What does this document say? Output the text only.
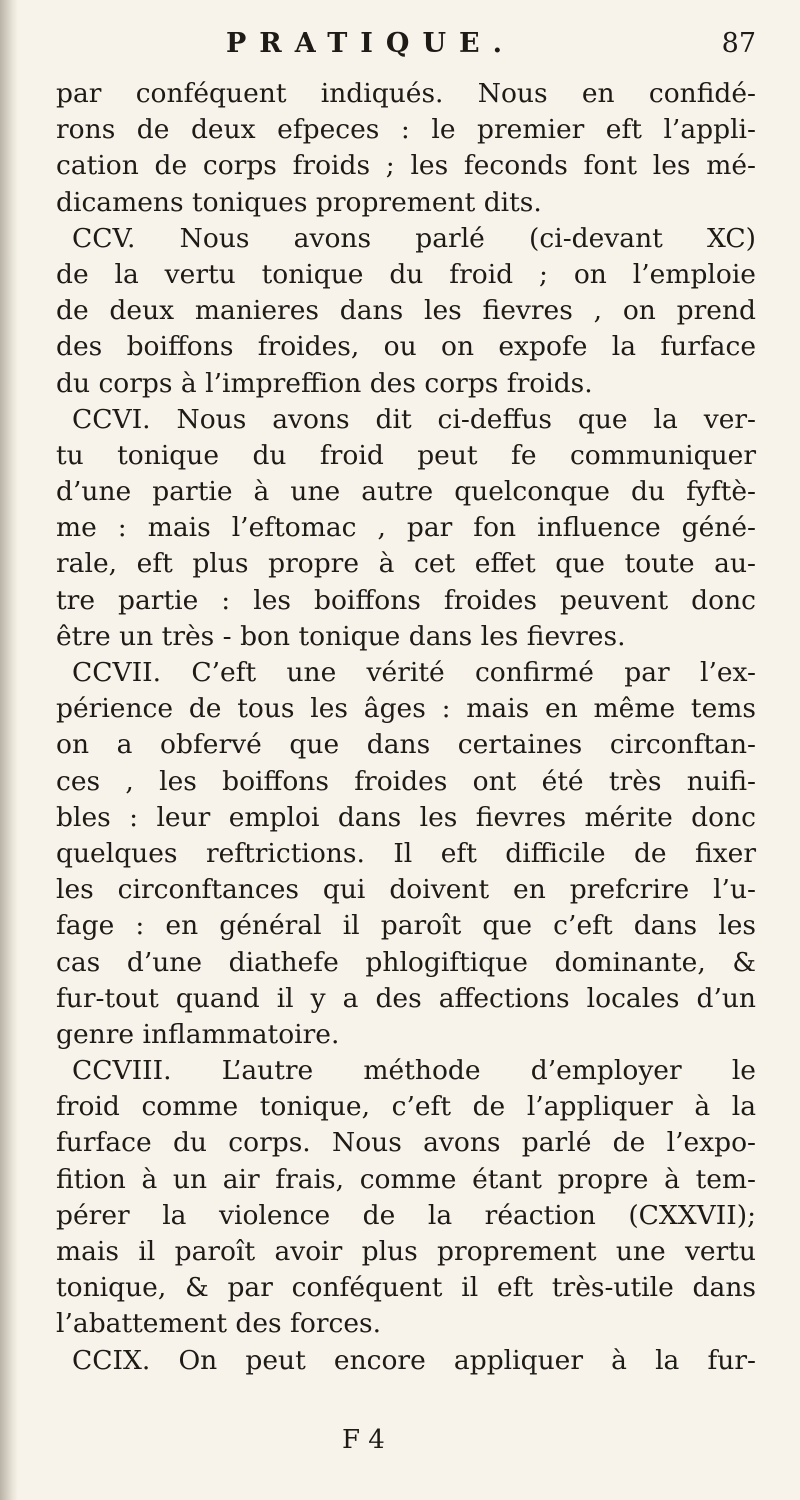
PRATIQUE.	87
par conféquent indiqués. Nous en confidé-
rons de deux efpeces : le premier eft l’appli-
cation de corps froids ; les feconds font les mé-
dicamens toniques proprement dits.
CCV. Nous avons parlé (ci-devant XC)
de la vertu tonique du froid ; on l’emploie
de deux manieres dans les fievres , on prend
des boiffons froides, ou on expofe la furface
du corps à l’impreffion des corps froids.
CCVI. Nous avons dit ci-deffus que la ver-
tu tonique du froid peut fe communiquer
d’une partie à une autre quelconque du fyftè-
me : mais l’eftomac , par fon influence géné-
rale, eft plus propre à cet effet que toute au-
tre partie : les boiffons froides peuvent donc
être un très - bon tonique dans les fievres.
CCVII. C’eft une vérité confirmé par l’ex-
périence de tous les âges : mais en même tems
on a obfervé que dans certaines circonftan-
ces , les boiffons froides ont été très nuifi-
bles : leur emploi dans les fievres mérite donc
quelques reftrictions. Il eft difficile de fixer
les circonftances qui doivent en prefcrire l’u-
fage : en général il paroît que c’eft dans les
cas d’une diathefe phlogiftique dominante, &
fur-tout quand il y a des affections locales d’un
genre inflammatoire.
CCVIII. L’autre méthode d’employer le
froid comme tonique, c’eft de l’appliquer à la
furface du corps. Nous avons parlé de l’expo-
fition à un air frais, comme étant propre à tem-
pérer la violence de la réaction (CXXVII);
mais il paroît avoir plus proprement une vertu
tonique, & par conféquent il eft très-utile dans
l’abattement des forces.
CCIX. On peut encore appliquer à la fur-
F 4
